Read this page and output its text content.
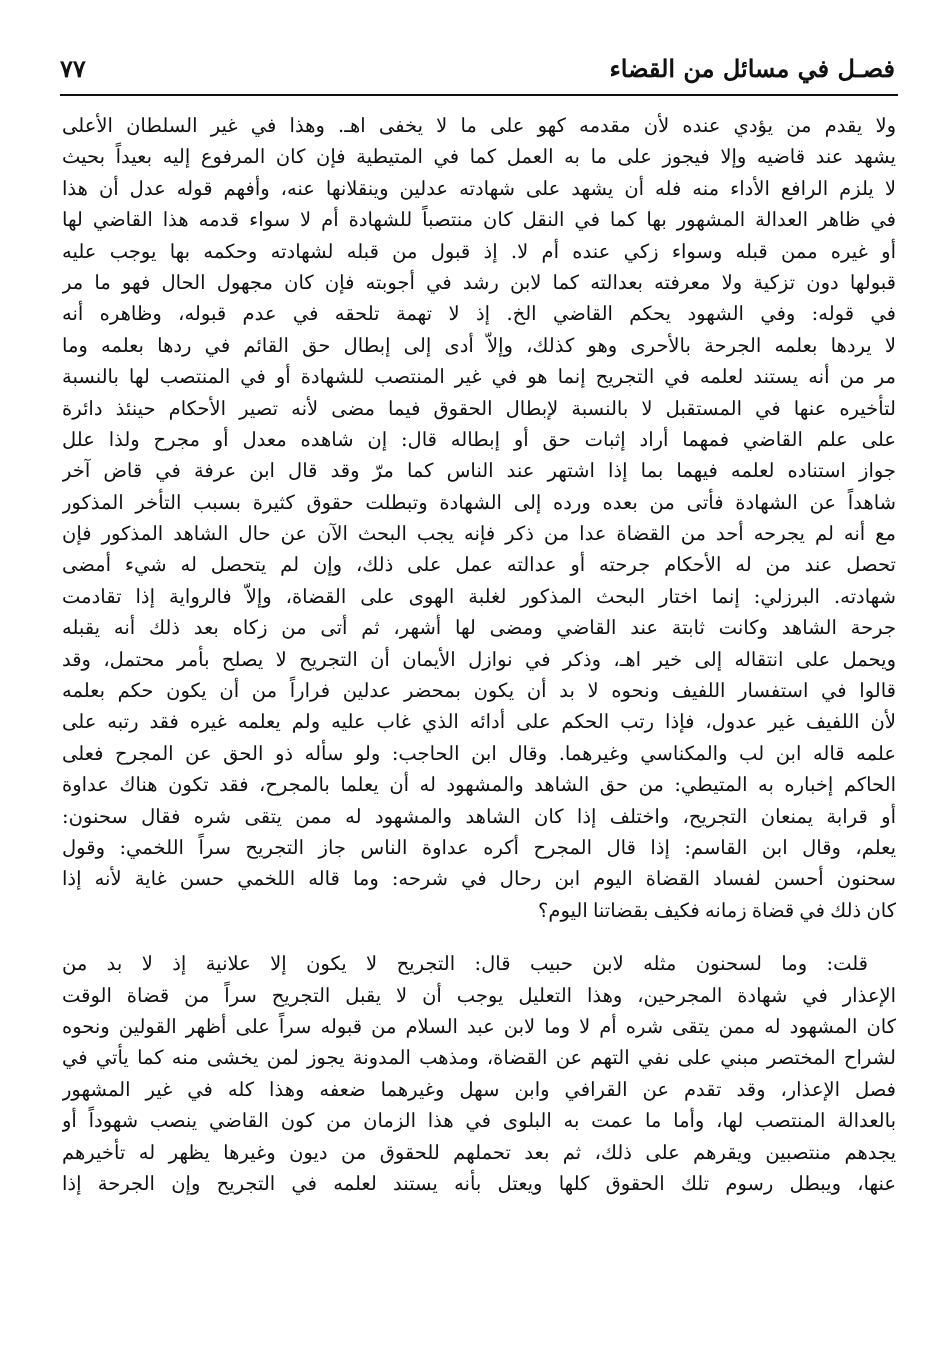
فصـل في مسائل من القضاء
٧٧
ولا يقدم من يؤدي عنده لأن مقدمه كهو على ما لا يخفى اهـ. وهذا في غير السلطان الأعلى
يشهد عند قاضيه وإلا فيجوز على ما به العمل كما في المتيطية فإن كان المرفوع إليه بعيداً بحيث
لا يلزم الرافع الأداء منه فله أن يشهد على شهادته عدلين وينقلانها عنه، وأفهم قوله عدل أن هذا
في ظاهر العدالة المشهور بها كما في النقل كان منتصباً للشهادة أم لا سواء قدمه هذا القاضي لها
أو غيره ممن قبله وسواء زكي عنده أم لا. إذ قبول من قبله لشهادته وحكمه بها يوجب عليه
قبولها دون تزكية ولا معرفته بعدالته كما لابن رشد في أجوبته فإن كان مجهول الحال فهو ما مر
في قوله: وفي الشهود يحكم القاضي الخ. إذ لا تهمة تلحقه في عدم قبوله، وظاهره أنه
لا يردها بعلمه الجرحة بالأحرى وهو كذلك، وإلاّ أدى إلى إبطال حق القائم في ردها بعلمه وما
مر من أنه يستند لعلمه في التجريح إنما هو في غير المنتصب للشهادة أو في المنتصب لها بالنسبة
لتأخيره عنها في المستقبل لا بالنسبة لإبطال الحقوق فيما مضى لأنه تصير الأحكام حينئذ دائرة
على علم القاضي فمهما أراد إثبات حق أو إبطاله قال: إن شاهده معدل أو مجرح ولذا علل
جواز استناده لعلمه فيهما بما إذا اشتهر عند الناس كما مرّ وقد قال ابن عرفة في قاض آخر
شاهداً عن الشهادة فأتى من بعده ورده إلى الشهادة وتبطلت حقوق كثيرة بسبب التأخر المذكور
مع أنه لم يجرحه أحد من القضاة عدا من ذكر فإنه يجب البحث الآن عن حال الشاهد المذكور فإن
تحصل عند من له الأحكام جرحته أو عدالته عمل على ذلك، وإن لم يتحصل له شيء أمضى
شهادته. البرزلي: إنما اختار البحث المذكور لغلبة الهوى على القضاة، وإلاّ فالرواية إذا تقادمت
جرحة الشاهد وكانت ثابتة عند القاضي ومضى لها أشهر، ثم أتى من زكاه بعد ذلك أنه يقبله
ويحمل على انتقاله إلى خير اهـ، وذكر في نوازل الأيمان أن التجريح لا يصلح بأمر محتمل، وقد
قالوا في استفسار اللفيف ونحوه لا بد أن يكون بمحضر عدلين فراراً من أن يكون حكم بعلمه
لأن اللفيف غير عدول، فإذا رتب الحكم على أدائه الذي غاب عليه ولم يعلمه غيره فقد رتبه على
علمه قاله ابن لب والمكناسي وغيرهما. وقال ابن الحاجب: ولو سأله ذو الحق عن المجرح فعلى
الحاكم إخباره به المتيطي: من حق الشاهد والمشهود له أن يعلما بالمجرح، فقد تكون هناك عداوة
أو قرابة يمنعان التجريح، واختلف إذا كان الشاهد والمشهود له ممن يتقى شره فقال سحنون:
يعلم، وقال ابن القاسم: إذا قال المجرح أكره عداوة الناس جاز التجريح سراً اللخمي: وقول
سحنون أحسن لفساد القضاة اليوم ابن رحال في شرحه: وما قاله اللخمي حسن غاية لأنه إذا
كان ذلك في قضاة زمانه فكيف بقضاتنا اليوم؟
قلت: وما لسحنون مثله لابن حبيب قال: التجريح لا يكون إلا علانية إذ لا بد من
الإعذار في شهادة المجرحين، وهذا التعليل يوجب أن لا يقبل التجريح سراً من قضاة الوقت
كان المشهود له ممن يتقى شره أم لا وما لابن عبد السلام من قبوله سراً على أظهر القولين ونحوه
لشراح المختصر مبني على نفي التهم عن القضاة، ومذهب المدونة يجوز لمن يخشى منه كما يأتي في
فصل الإعذار، وقد تقدم عن القرافي وابن سهل وغيرهما ضعفه وهذا كله في غير المشهور
بالعدالة المنتصب لها، وأما ما عمت به البلوى في هذا الزمان من كون القاضي ينصب شهوداً أو
يجدهم منتصبين ويقرهم على ذلك، ثم بعد تحملهم للحقوق من ديون وغيرها يظهر له تأخيرهم
عنها، ويبطل رسوم تلك الحقوق كلها ويعتل بأنه يستند لعلمه في التجريح وإن الجرحة إذا
